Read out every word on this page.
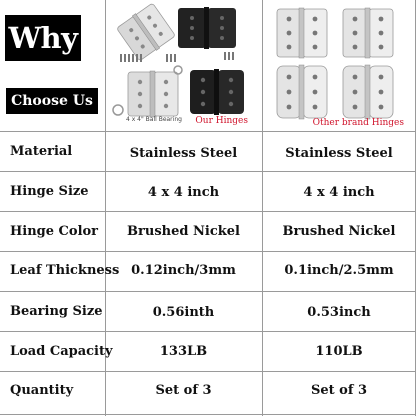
Why
Choose Us
4 x 4" Ball Bearing Our Hinges	Other brand Hinges
Material	Stainless Steel	Stainless Steel
Hinge Size	4 x 4 inch	4 x 4 inch
Hinge Color	Brushed Nickel	Brushed Nickel
Leaf Thickness 0.12inch/3mm	0.1inch/2.5mm
Bearing Size	0.56inth	0.53inch
Load Capacity	133LB	110LB
Quantity	Set of 3	Set of 3
